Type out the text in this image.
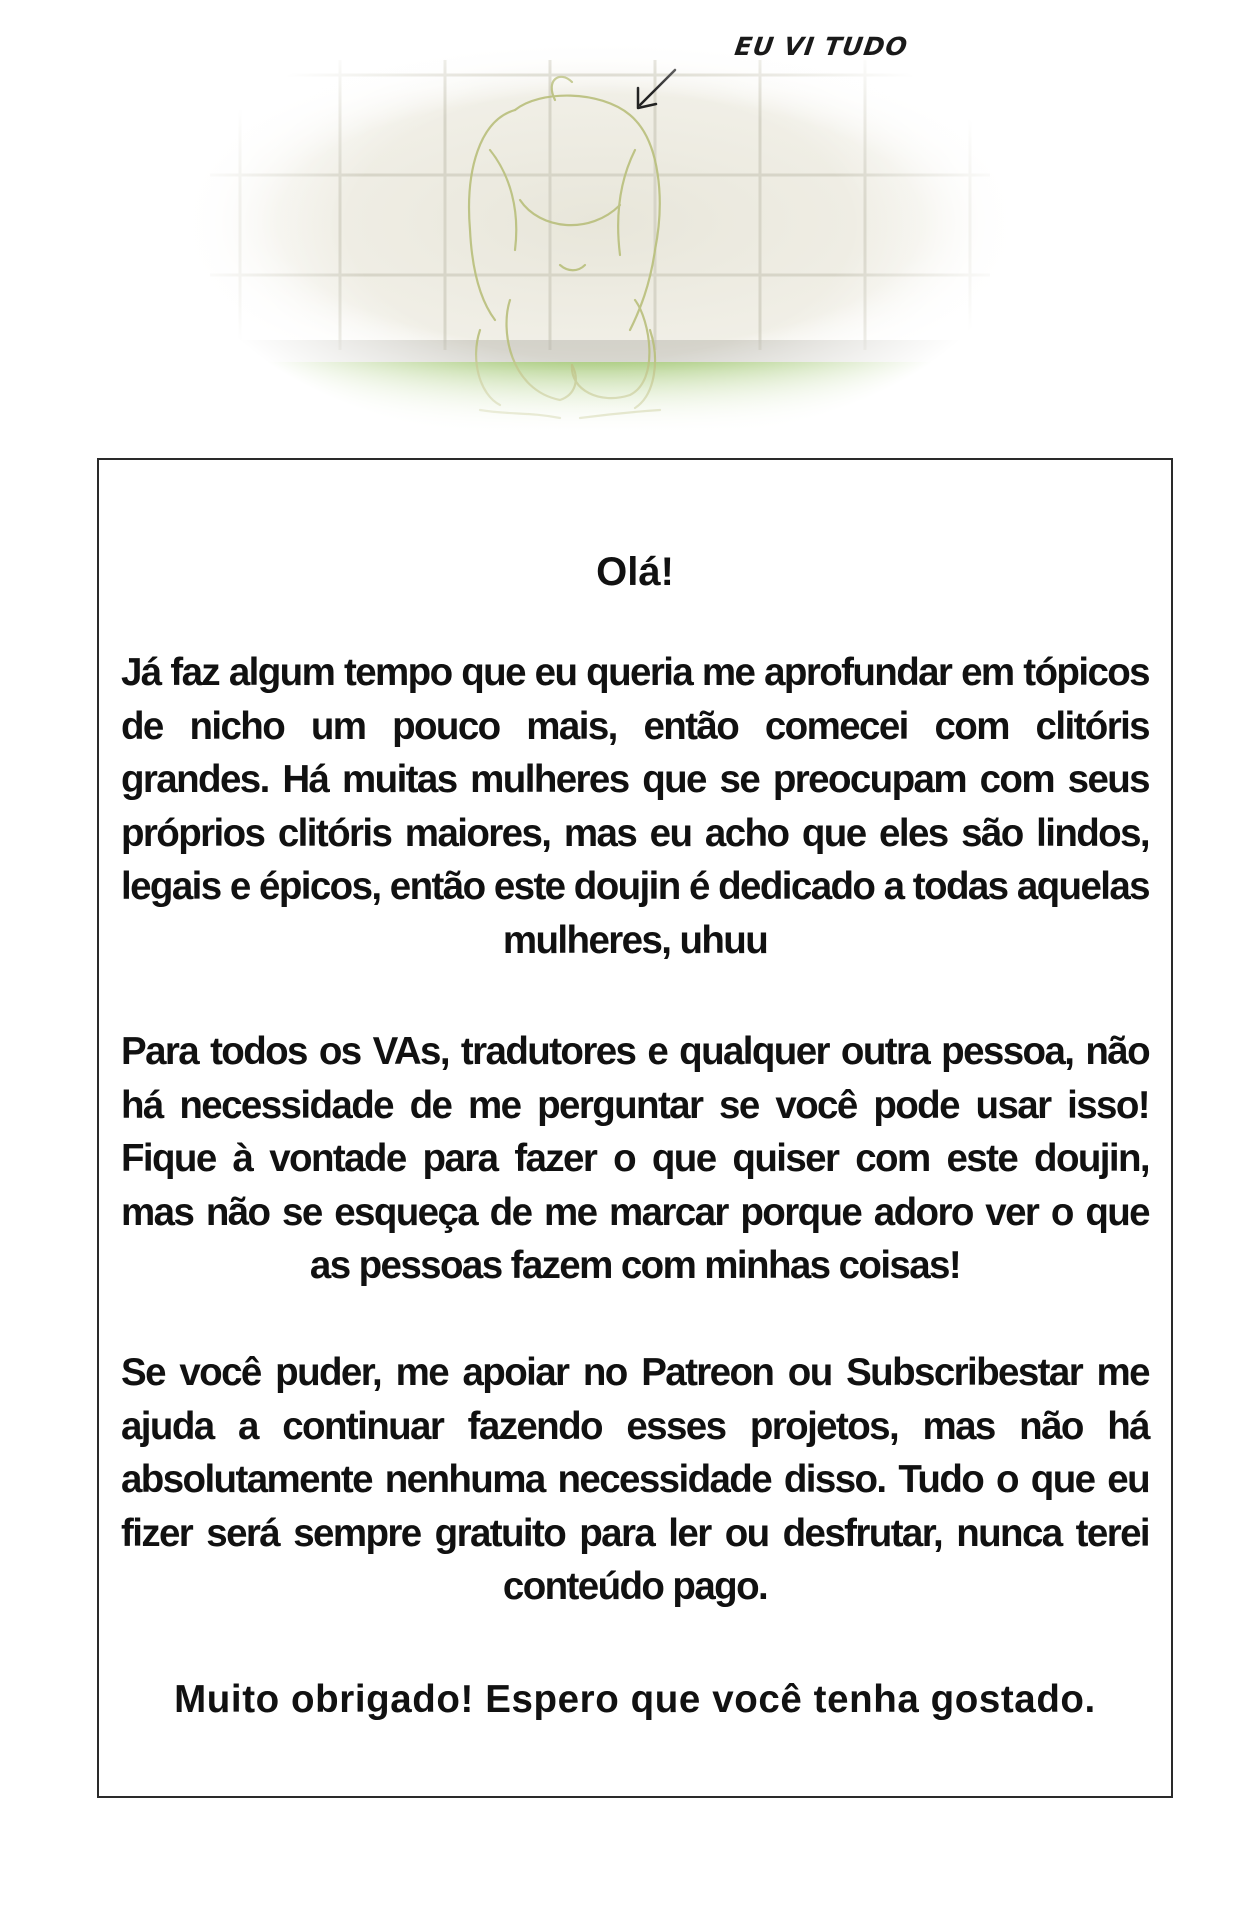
EU VI TUDO

Olá!

Já faz algum tempo que eu queria me aprofundar em tópicos de nicho um pouco mais, então comecei com clitóris grandes. Há muitas mulheres que se preocupam com seus próprios clitóris maiores, mas eu acho que eles são lindos, legais e épicos, então este doujin é dedicado a todas aquelas mulheres, uhuu

Para todos os VAs, tradutores e qualquer outra pessoa, não há necessidade de me perguntar se você pode usar isso! Fique à vontade para fazer o que quiser com este doujin, mas não se esqueça de me marcar porque adoro ver o que as pessoas fazem com minhas coisas!

Se você puder, me apoiar no Patreon ou Subscribestar me ajuda a continuar fazendo esses projetos, mas não há absolutamente nenhuma necessidade disso. Tudo o que eu fizer será sempre gratuito para ler ou desfrutar, nunca terei conteúdo pago.

Muito obrigado! Espero que você tenha gostado.
